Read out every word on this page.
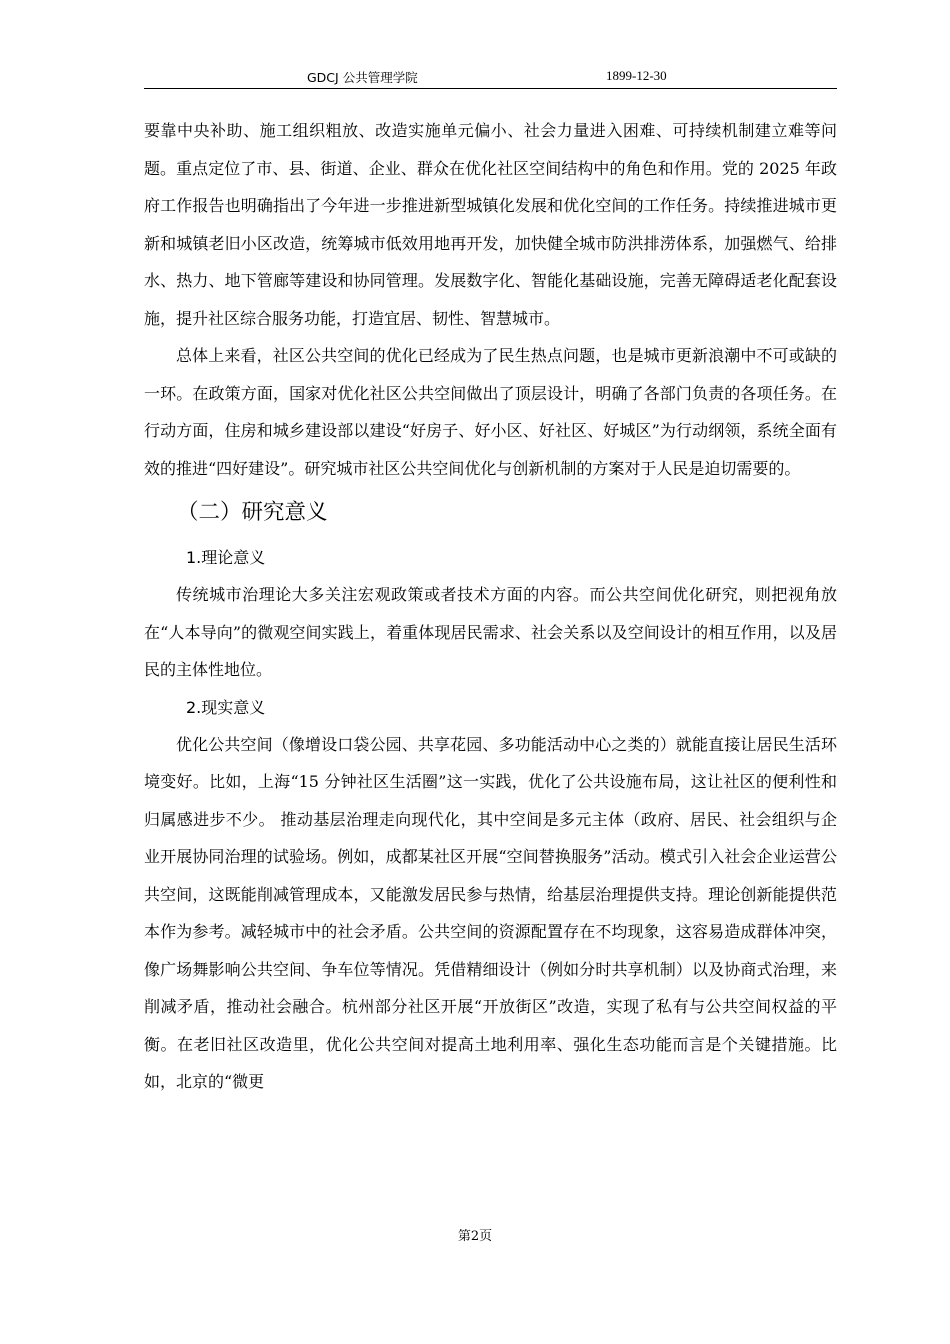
GDCJ 公共管理学院	1899-12-30

要靠中央补助、施工组织粗放、改造实施单元偏小、社会力量进入困难、可持续机制建立难等问题。重点定位了市、县、街道、企业、群众在优化社区空间结构中的角色和作用。党的 2025 年政府工作报告也明确指出了今年进一步推进新型城镇化发展和优化空间的工作任务。持续推进城市更新和城镇老旧小区改造，统筹城市低效用地再开发，加快健全城市防洪排涝体系，加强燃气、给排水、热力、地下管廊等建设和协同管理。发展数字化、智能化基础设施，完善无障碍适老化配套设施，提升社区综合服务功能，打造宜居、韧性、智慧城市。

总体上来看，社区公共空间的优化已经成为了民生热点问题，也是城市更新浪潮中不可或缺的一环。在政策方面，国家对优化社区公共空间做出了顶层设计，明确了各部门负责的各项任务。在行动方面，住房和城乡建设部以建设“好房子、好小区、好社区、好城区”为行动纲领，系统全面有效的推进“四好建设”。研究城市社区公共空间优化与创新机制的方案对于人民是迫切需要的。

（二）研究意义
1.理论意义

传统城市治理论大多关注宏观政策或者技术方面的内容。而公共空间优化研究，则把视角放在“人本导向”的微观空间实践上，着重体现居民需求、社会关系以及空间设计的相互作用，以及居民的主体性地位。

2.现实意义

优化公共空间（像增设口袋公园、共享花园、多功能活动中心之类的）就能直接让居民生活环境变好。比如，上海“15 分钟社区生活圈”这一实践，优化了公共设施布局，这让社区的便利性和归属感进步不少。 推动基层治理走向现代化，其中空间是多元主体（政府、居民、社会组织与企业开展协同治理的试验场。例如，成都某社区开展“空间替换服务”活动。模式引入社会企业运营公共空间，这既能削减管理成本，又能激发居民参与热情，给基层治理提供支持。理论创新能提供范本作为参考。减轻城市中的社会矛盾。公共空间的资源配置存在不均现象，这容易造成群体冲突，像广场舞影响公共空间、争车位等情况。凭借精细设计（例如分时共享机制）以及协商式治理，来削减矛盾，推动社会融合。杭州部分社区开展“开放街区”改造，实现了私有与公共空间权益的平衡。在老旧社区改造里，优化公共空间对提高土地利用率、强化生态功能而言是个关键措施。比如，北京的“微更

第2页
